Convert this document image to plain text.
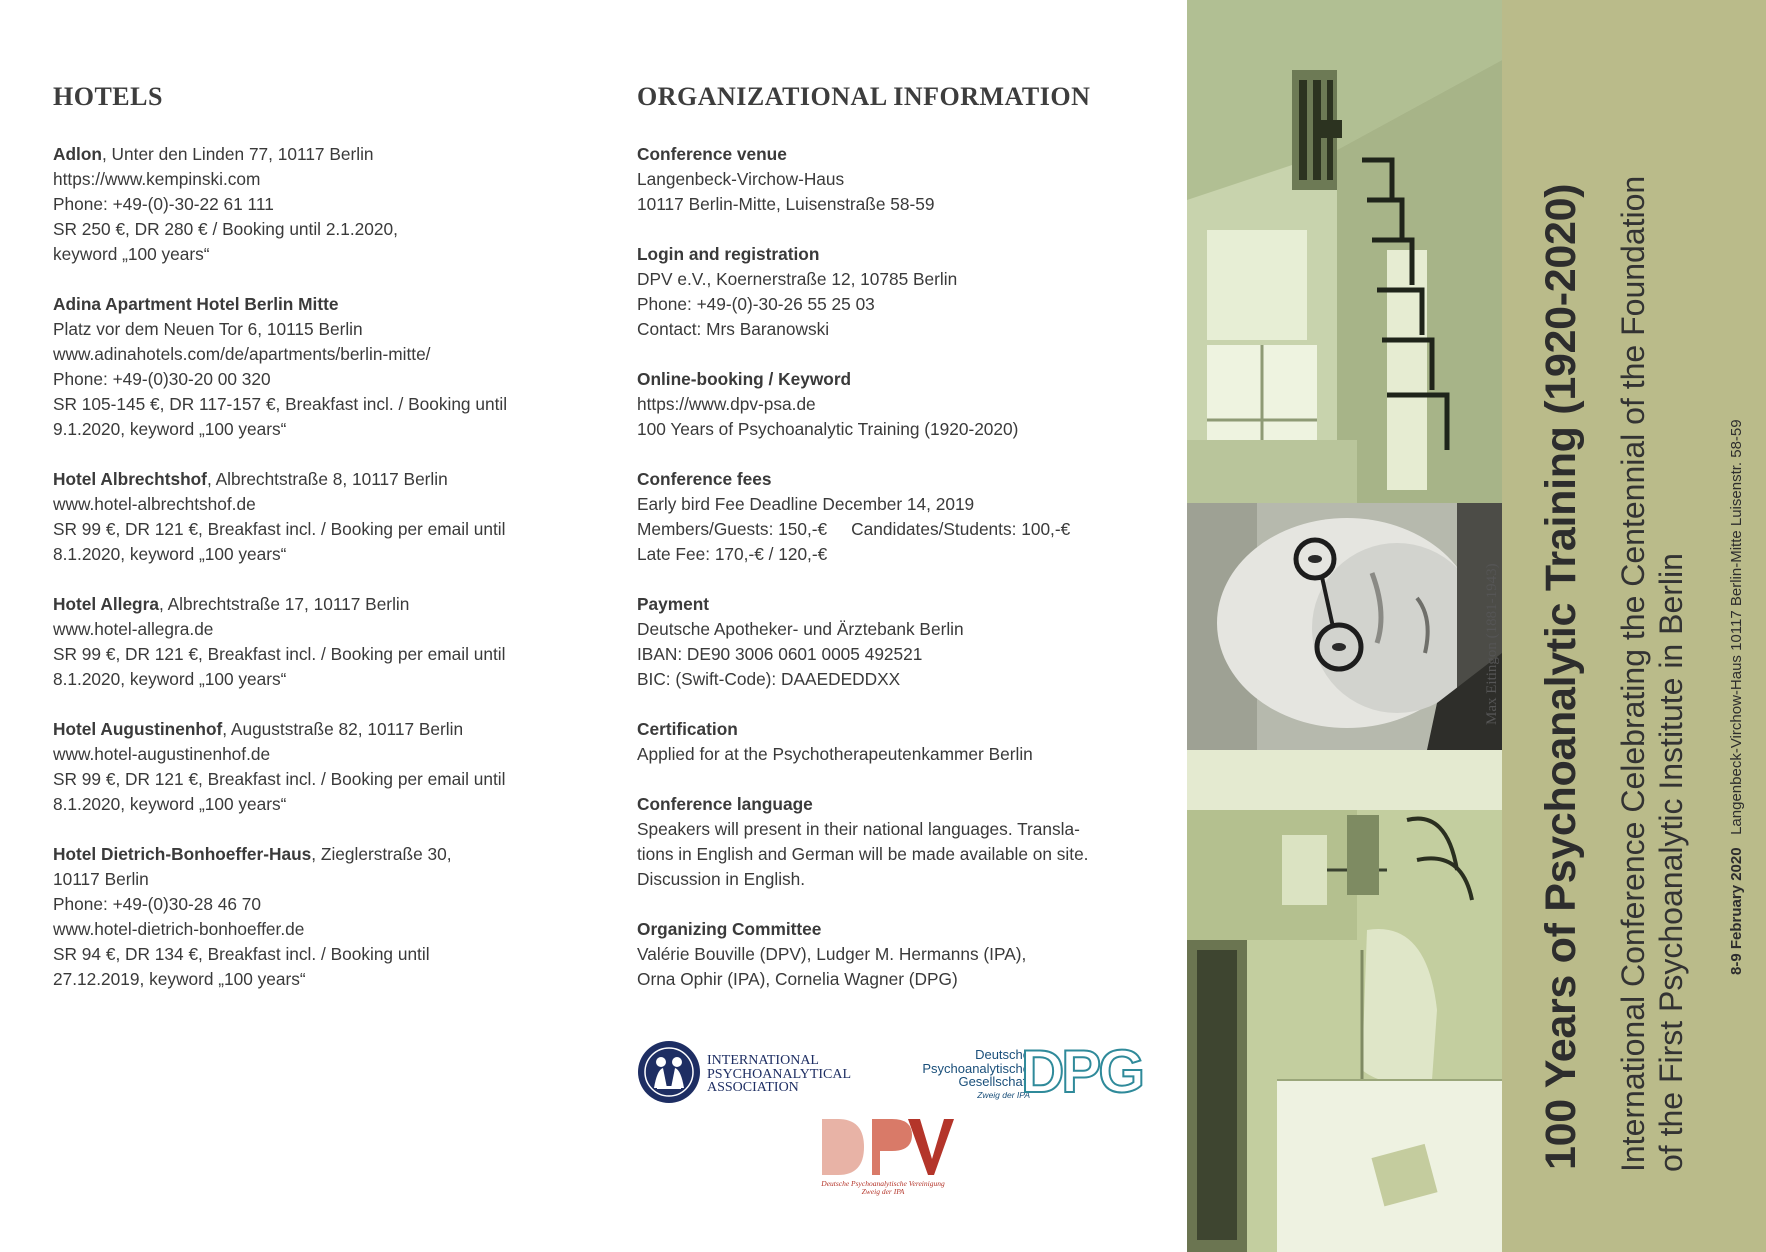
HOTELS
Adlon, Unter den Linden 77, 10117 Berlin
https://www.kempinski.com
Phone: +49-(0)-30-22 61 111
SR 250 €, DR 280 € / Booking until 2.1.2020,
keyword „100 years“
Adina Apartment Hotel Berlin Mitte
Platz vor dem Neuen Tor 6, 10115 Berlin
www.adinahotels.com/de/apartments/berlin-mitte/
Phone: +49-(0)30-20 00 320
SR 105-145 €, DR 117-157 €, Breakfast incl. / Booking until
9.1.2020, keyword „100 years“
Hotel Albrechtshof, Albrechtstraße 8, 10117 Berlin
www.hotel-albrechtshof.de
SR 99 €, DR 121 €, Breakfast incl. / Booking per email until
8.1.2020, keyword „100 years“
Hotel Allegra, Albrechtstraße 17, 10117 Berlin
www.hotel-allegra.de
SR 99 €, DR 121 €, Breakfast incl. / Booking per email until
8.1.2020, keyword „100 years“
Hotel Augustinenhof, Auguststraße 82, 10117 Berlin
www.hotel-augustinenhof.de
SR 99 €, DR 121 €, Breakfast incl. / Booking per email until
8.1.2020, keyword „100 years“
Hotel Dietrich-Bonhoeffer-Haus, Zieglerstraße 30,
10117 Berlin
Phone: +49-(0)30-28 46 70
www.hotel-dietrich-bonhoeffer.de
SR 94 €, DR 134 €, Breakfast incl. / Booking until
27.12.2019, keyword „100 years“
ORGANIZATIONAL INFORMATION
Conference venue
Langenbeck-Virchow-Haus
10117 Berlin-Mitte, Luisenstraße 58-59
Login and registration
DPV e.V., Koernerstraße 12, 10785 Berlin
Phone: +49-(0)-30-26 55 25 03
Contact: Mrs Baranowski
Online-booking / Keyword
https://www.dpv-psa.de
100 Years of Psychoanalytic Training (1920-2020)
Conference fees
Early bird Fee Deadline December 14, 2019
Members/Guests: 150,-€ Candidates/Students: 100,-€
Late Fee: 170,-€ / 120,-€
Payment
Deutsche Apotheker- und Ärztebank Berlin
IBAN: DE90 3006 0601 0005 492521
BIC: (Swift-Code): DAAEDEDDXX
Certification
Applied for at the Psychotherapeutenkammer Berlin
Conference language
Speakers will present in their national languages. Transla-
tions in English and German will be made available on site.
Discussion in English.
Organizing Committee
Valérie Bouville (DPV), Ludger M. Hermanns (IPA),
Orna Ophir (IPA), Cornelia Wagner (DPG)
INTERNATIONAL
PSYCHOANALYTICAL
ASSOCIATION
Deutsche
Psychoanalytische
Gesellschaft
Zweig der IPA
DPG
Deutsche Psychoanalytische Vereinigung
Zweig der IPA
Max Eitingon (1881-1943) 100 Years of Psychoanalytic Training (1920-2020) International Conference Celebrating the Centennial of the Foundation of the First Psychoanalytic Institute in Berlin	8-9 February 2020   Langenbeck-Virchow-Haus 10117 Berlin-Mitte Luisenstr. 58-59
